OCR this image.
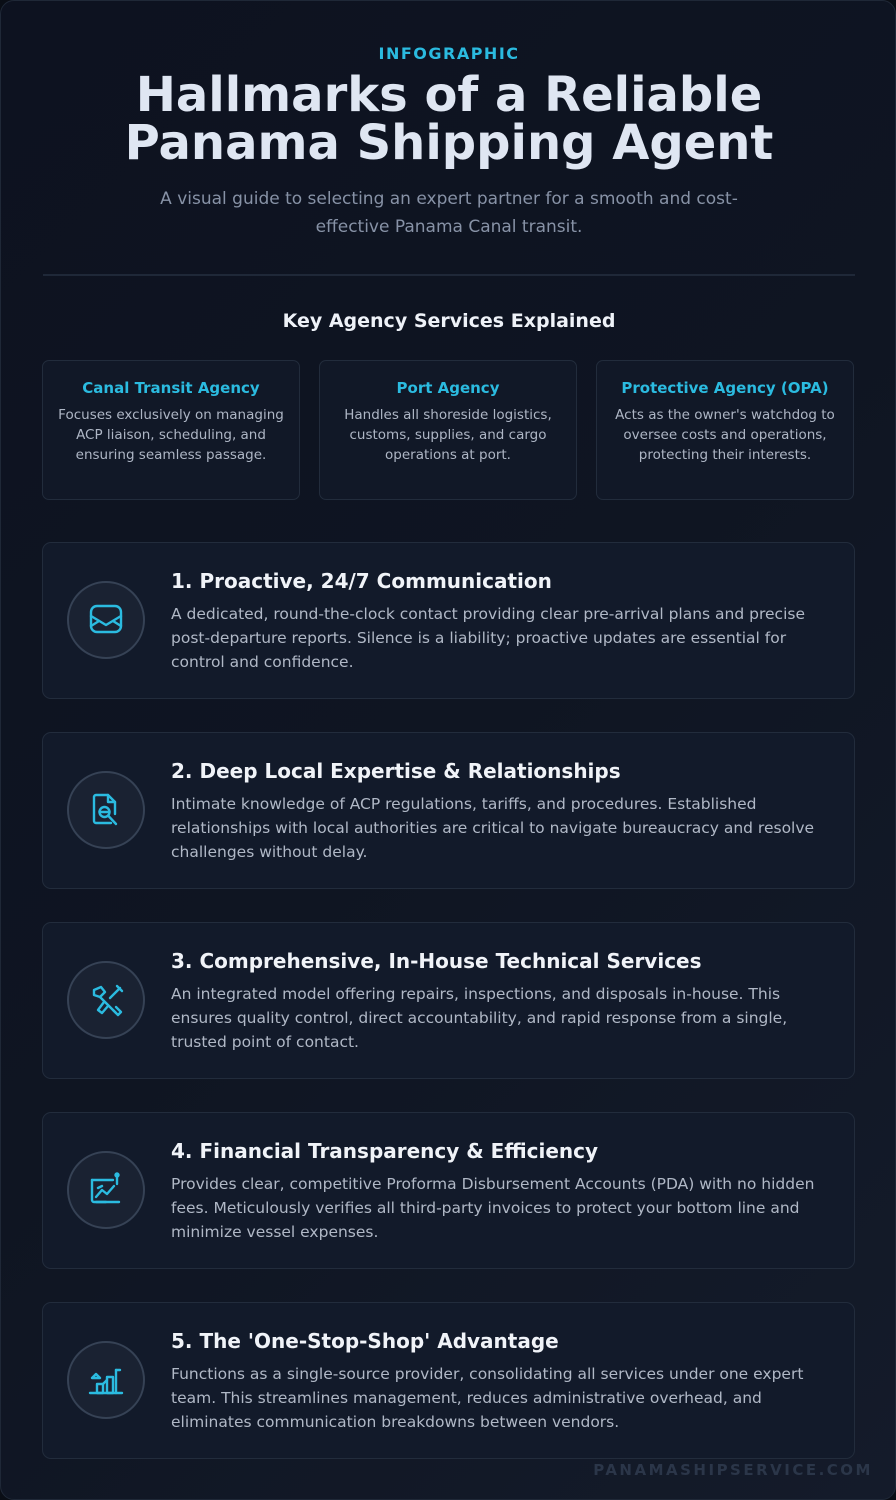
INFOGRAPHIC
Hallmarks of a Reliable
Panama Shipping Agent

A visual guide to selecting an expert partner for a smooth and cost-effective Panama Canal transit.

Key Agency Services Explained
Canal Transit Agency
Focuses exclusively on managing ACP liaison, scheduling, and ensuring seamless passage.
Port Agency
Handles all shoreside logistics, customs, supplies, and cargo operations at port.
Protective Agency (OPA)
Acts as the owner's watchdog to oversee costs and operations, protecting their interests.
1. Proactive, 24/7 Communication
A dedicated, round-the-clock contact providing clear pre-arrival plans and precise post-departure reports. Silence is a liability; proactive updates are essential for control and confidence.
2. Deep Local Expertise & Relationships
Intimate knowledge of ACP regulations, tariffs, and procedures. Established relationships with local authorities are critical to navigate bureaucracy and resolve challenges without delay.
3. Comprehensive, In-House Technical Services
An integrated model offering repairs, inspections, and disposals in-house. This ensures quality control, direct accountability, and rapid response from a single, trusted point of contact.
4. Financial Transparency & Efficiency
Provides clear, competitive Proforma Disbursement Accounts (PDA) with no hidden fees. Meticulously verifies all third-party invoices to protect your bottom line and minimize vessel expenses.
5. The 'One-Stop-Shop' Advantage
Functions as a single-source provider, consolidating all services under one expert team. This streamlines management, reduces administrative overhead, and eliminates communication breakdowns between vendors.
PANAMASHIPSERVICE.COM
